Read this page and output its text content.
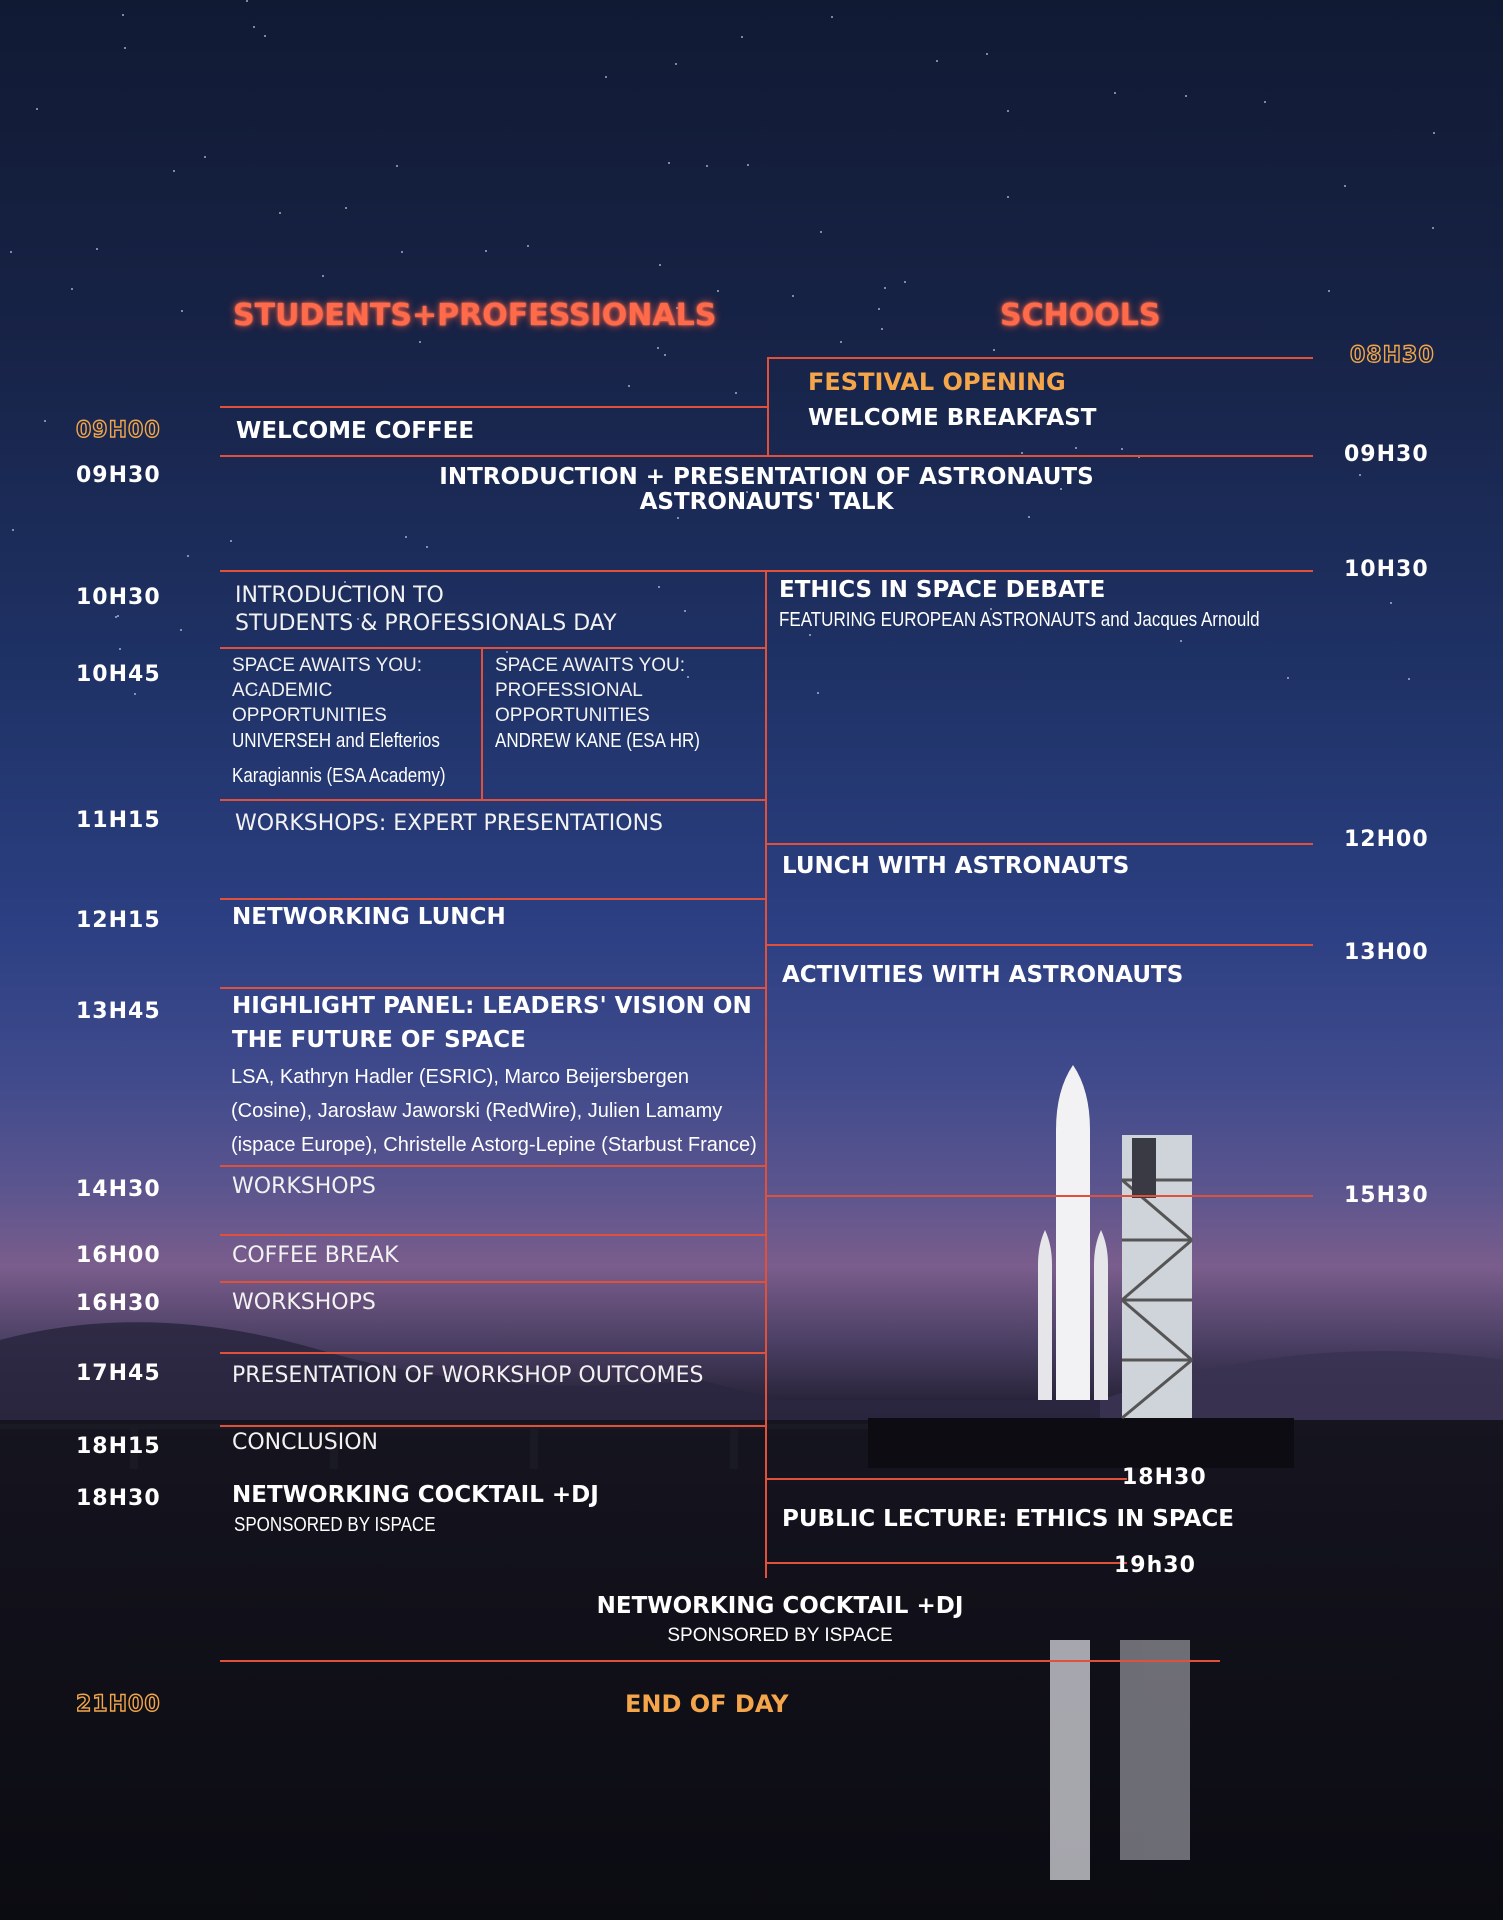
STUDENTS+PROFESSIONALS	SCHOOLS
09H00
09H30
10H30
10H45
11H15
12H15
13H45
14H30
16H00
16H30
17H45
18H15
18H30
21H00
08H30
09H30
10H30
12H00
13H00
15H30
18H30
19h30
WELCOME COFFEE
INTRODUCTION + PRESENTATION OF ASTRONAUTS
ASTRONAUTS' TALK
INTRODUCTION TO
STUDENTS & PROFESSIONALS DAY
SPACE AWAITS YOU:
ACADEMIC
OPPORTUNITIES
UNIVERSEH and Elefterios
Karagiannis (ESA Academy)
SPACE AWAITS YOU:
PROFESSIONAL
OPPORTUNITIES
ANDREW KANE (ESA HR)
WORKSHOPS: EXPERT PRESENTATIONS
NETWORKING LUNCH
HIGHLIGHT PANEL: LEADERS' VISION ON
THE FUTURE OF SPACE
LSA, Kathryn Hadler (ESRIC), Marco Beijersbergen (Cosine), Jarosław Jaworski (RedWire), Julien Lamamy (ispace Europe), Christelle Astorg-Lepine (Starbust France)
WORKSHOPS
COFFEE BREAK
WORKSHOPS
PRESENTATION OF WORKSHOP OUTCOMES
CONCLUSION
NETWORKING COCKTAIL +DJ
SPONSORED BY ISPACE
FESTIVAL OPENING
WELCOME BREAKFAST
ETHICS IN SPACE DEBATE
FEATURING EUROPEAN ASTRONAUTS and Jacques Arnould
LUNCH WITH ASTRONAUTS
ACTIVITIES WITH ASTRONAUTS
PUBLIC LECTURE: ETHICS IN SPACE
NETWORKING COCKTAIL +DJ
SPONSORED BY ISPACE
END OF DAY
